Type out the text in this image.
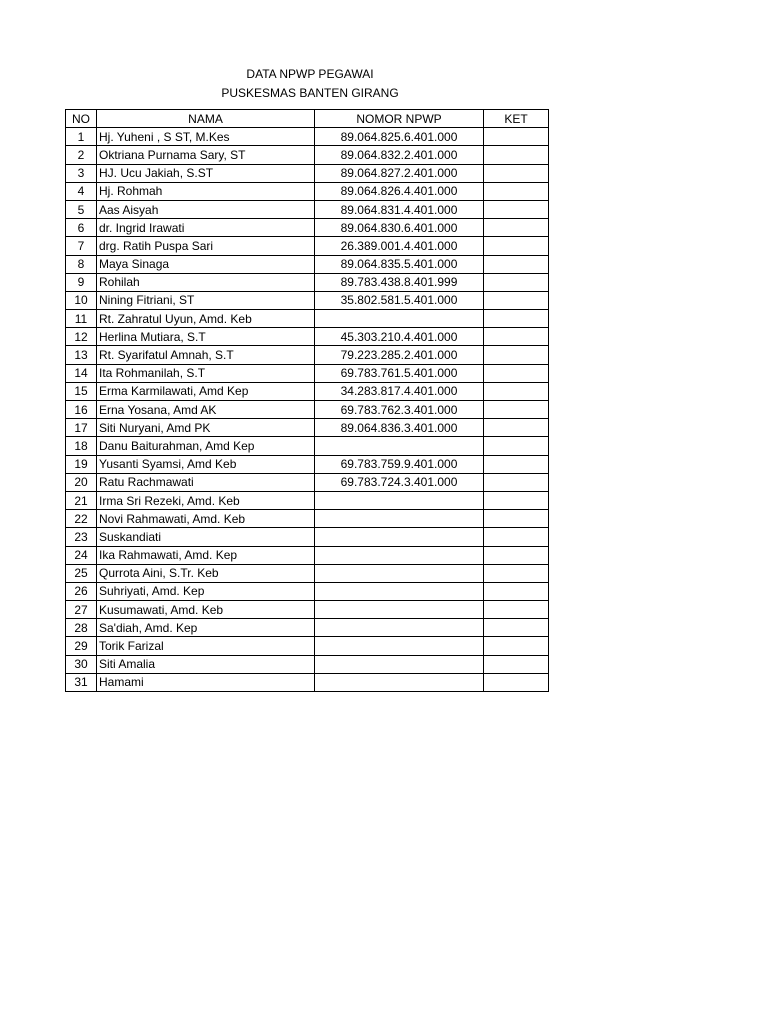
DATA NPWP PEGAWAI
PUSKESMAS BANTEN GIRANG
NO	NAMA	NOMOR NPWP	KET
1	Hj. Yuheni , S ST, M.Kes	89.064.825.6.401.000	
2	Oktriana Purnama Sary, ST	89.064.832.2.401.000	
3	HJ. Ucu Jakiah, S.ST	89.064.827.2.401.000	
4	Hj. Rohmah	89.064.826.4.401.000	
5	Aas Aisyah	89.064.831.4.401.000	
6	dr. Ingrid Irawati	89.064.830.6.401.000	
7	drg. Ratih Puspa Sari	26.389.001.4.401.000	
8	Maya Sinaga	89.064.835.5.401.000	
9	Rohilah	89.783.438.8.401.999	
10	Nining Fitriani, ST	35.802.581.5.401.000	
11	Rt. Zahratul Uyun, Amd. Keb		
12	Herlina Mutiara, S.T	45.303.210.4.401.000	
13	Rt. Syarifatul Amnah, S.T	79.223.285.2.401.000	
14	Ita Rohmanilah, S.T	69.783.761.5.401.000	
15	Erma Karmilawati, Amd Kep	34.283.817.4.401.000	
16	Erna Yosana, Amd AK	69.783.762.3.401.000	
17	Siti Nuryani, Amd PK	89.064.836.3.401.000	
18	Danu Baiturahman, Amd Kep		
19	Yusanti Syamsi, Amd Keb	69.783.759.9.401.000	
20	Ratu Rachmawati	69.783.724.3.401.000	
21	Irma Sri Rezeki, Amd. Keb		
22	Novi Rahmawati, Amd. Keb		
23	Suskandiati		
24	Ika Rahmawati, Amd. Kep		
25	Qurrota Aini, S.Tr. Keb		
26	Suhriyati, Amd. Kep		
27	Kusumawati, Amd. Keb		
28	Sa'diah, Amd. Kep		
29	Torik Farizal		
30	Siti Amalia		
31	Hamami		
